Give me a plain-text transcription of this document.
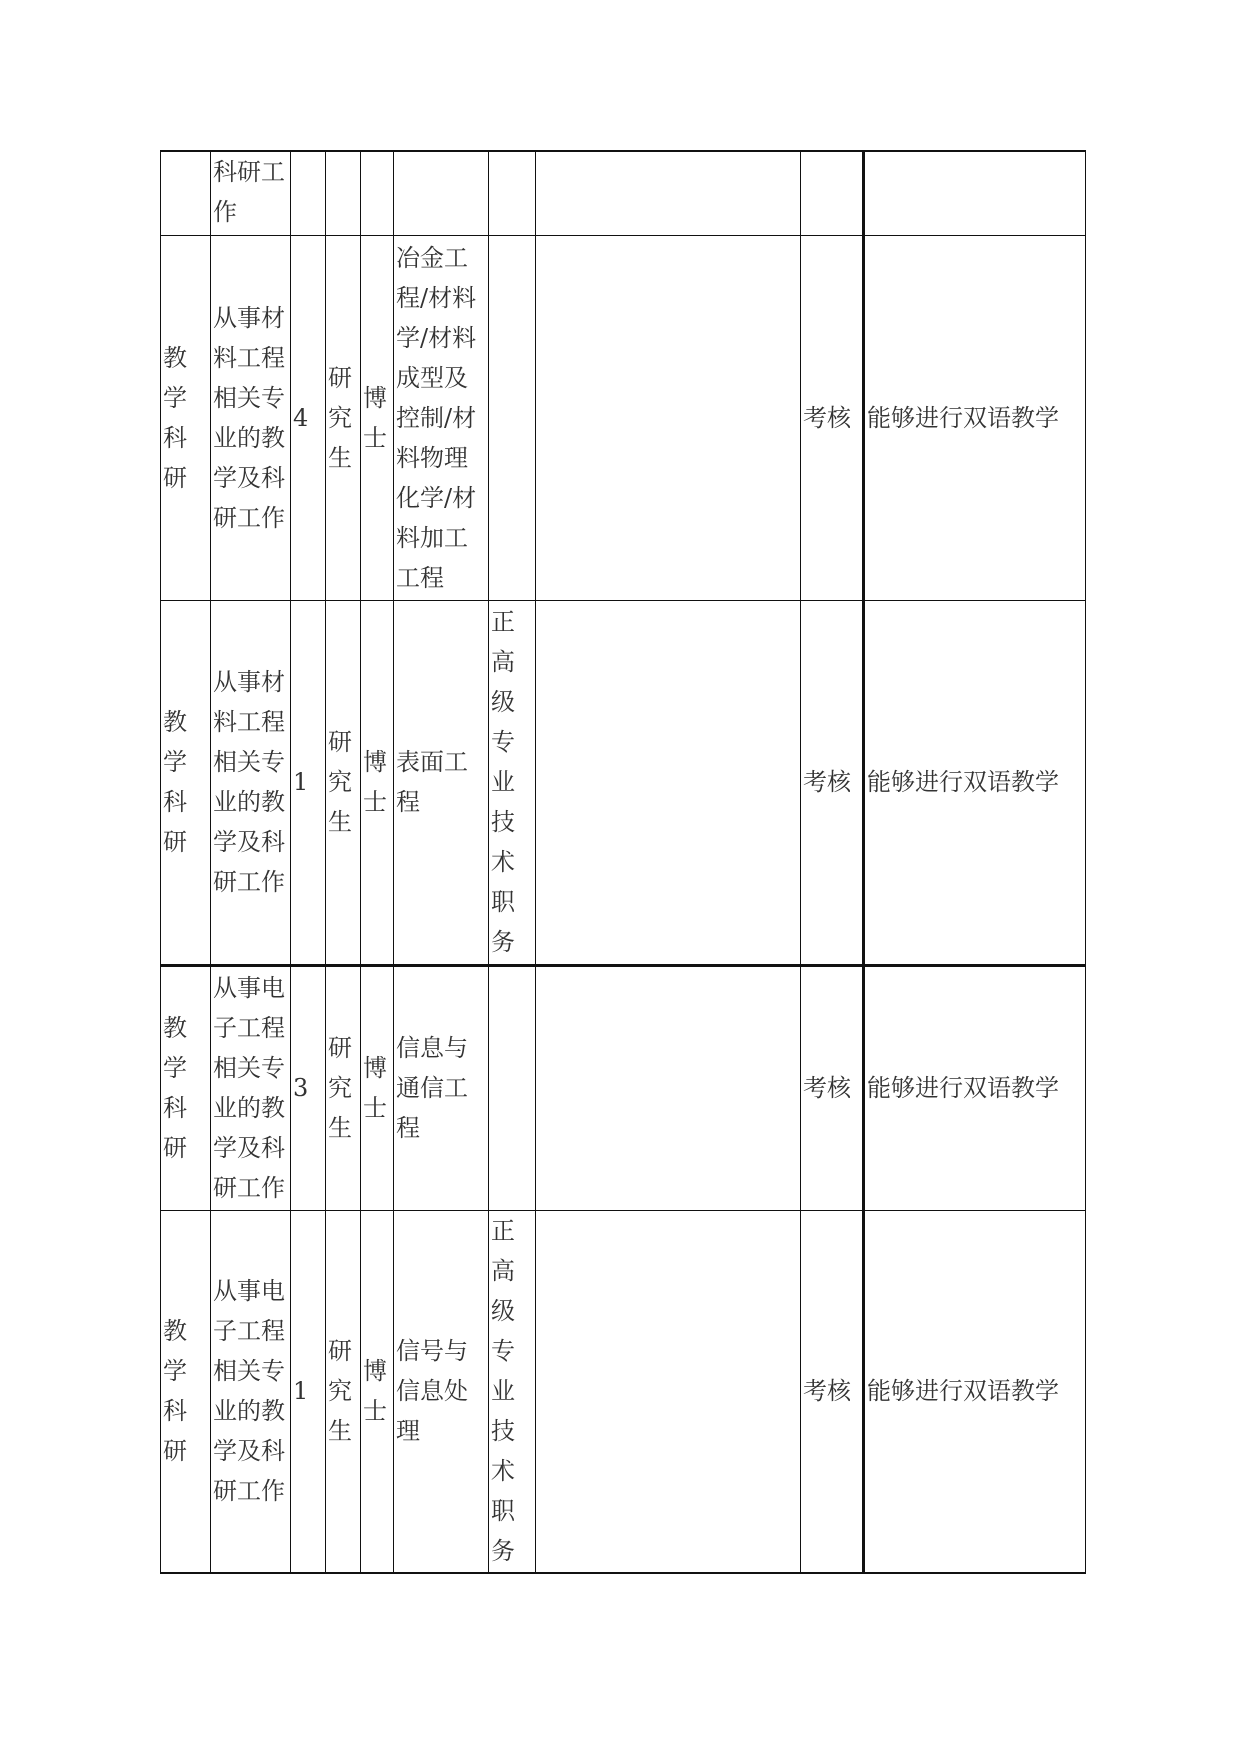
	科研工作								
教学科研	从事材料工程相关专业的教学及科研工作	4	研究生	博士	冶金工程/材料学/材料成型及控制/材料物理化学/材料加工工程			考核	能够进行双语教学
教学科研	从事材料工程相关专业的教学及科研工作	1	研究生	博士	表面工程	正高级专业技术职务		考核	能够进行双语教学
教学科研	从事电子工程相关专业的教学及科研工作	3	研究生	博士	信息与通信工程			考核	能够进行双语教学
教学科研	从事电子工程相关专业的教学及科研工作	1	研究生	博士	信号与信息处理	正高级专业技术职务		考核	能够进行双语教学
